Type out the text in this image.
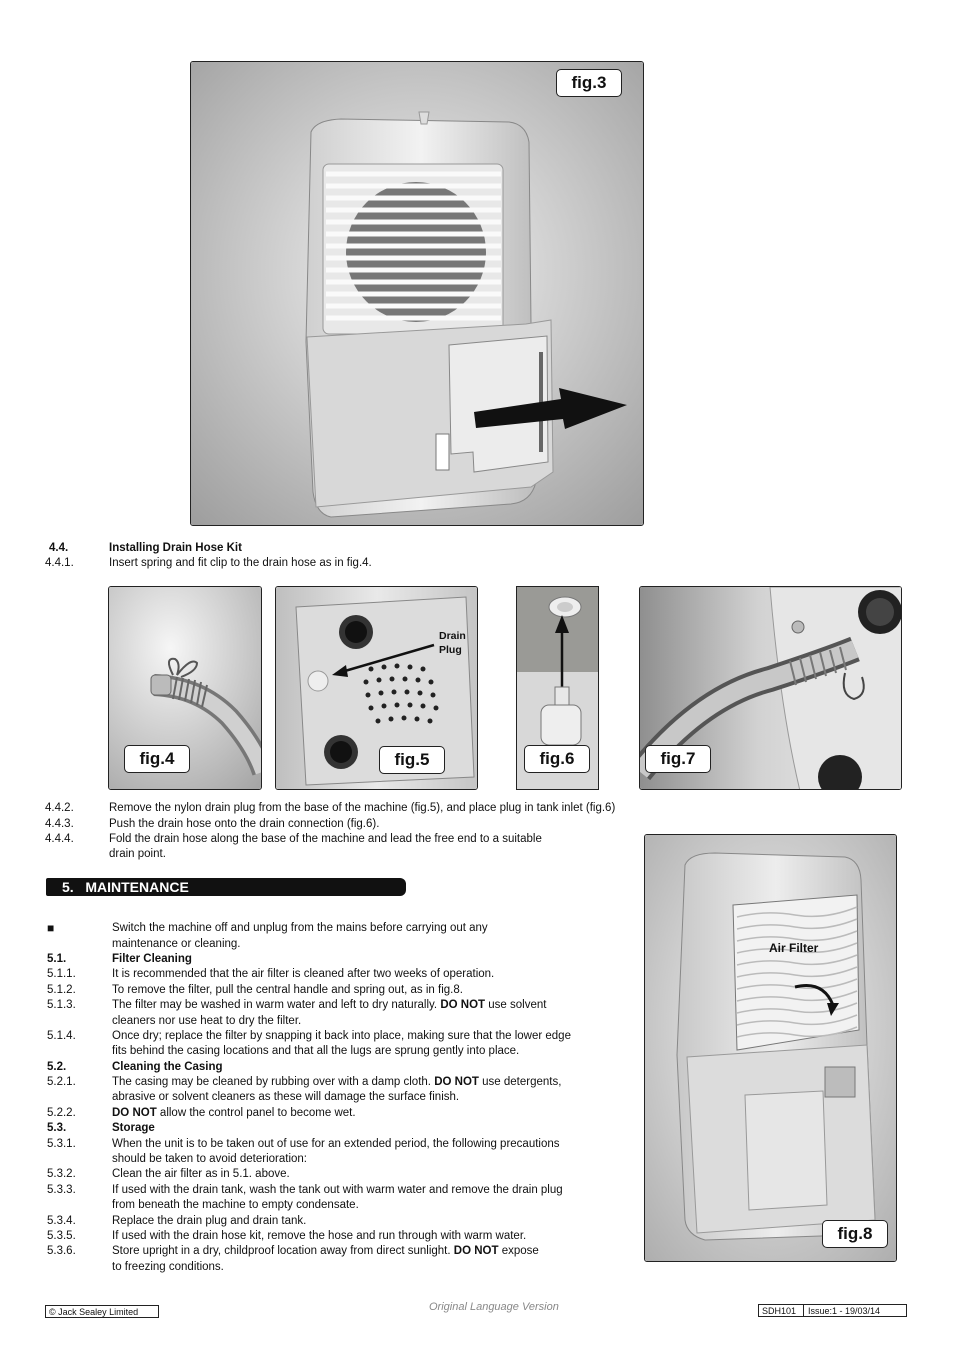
fig.3
4.4.	Installing Drain Hose Kit
4.4.1.	Insert spring and fit clip to the drain hose as in fig.4.
fig.4
Drain
Plug
fig.5	fig.6	fig.7
4.4.2.	Remove the nylon drain plug from the base of the machine (fig.5), and place plug in tank inlet (fig.6)
4.4.3.	Push the drain hose onto the drain connection (fig.6).
4.4.4.	Fold the drain hose along the base of the machine and lead the free end to a suitable
drain point.
Air Filter
fig.8
5.   MAINTENANCE
■	Switch the machine off and unplug from the mains before carrying out any
maintenance or cleaning.
5.1.	Filter Cleaning
5.1.1.	It is recommended that the air filter is cleaned after two weeks of operation.
5.1.2.	To remove the filter, pull the central handle and spring out, as in fig.8.
5.1.3.	The filter may be washed in warm water and left to dry naturally. DO NOT use solvent
cleaners nor use heat to dry the filter.
5.1.4.	Once dry; replace the filter by snapping it back into place, making sure that the lower edge
fits behind the casing locations and that all the lugs are sprung gently into place.
5.2.	Cleaning the Casing
5.2.1.	The casing may be cleaned by rubbing over with a damp cloth. DO NOT use detergents,
abrasive or solvent cleaners as these will damage the surface finish.
5.2.2.	DO NOT allow the control panel to become wet.
5.3.	Storage
5.3.1.	When the unit is to be taken out of use for an extended period, the following precautions
should be taken to avoid deterioration:
5.3.2.	Clean the air filter as in 5.1. above.
5.3.3.	If used with the drain tank, wash the tank out with warm water and remove the drain plug
from beneath the machine to empty condensate.
5.3.4.	Replace the drain plug and drain tank.
5.3.5.	If used with the drain hose kit, remove the hose and run through with warm water.
5.3.6.	Store upright in a dry, childproof location away from direct sunlight. DO NOT expose
to freezing conditions.
© Jack Sealey Limited	Original Language Version	SDH101 Issue:1 - 19/03/14
